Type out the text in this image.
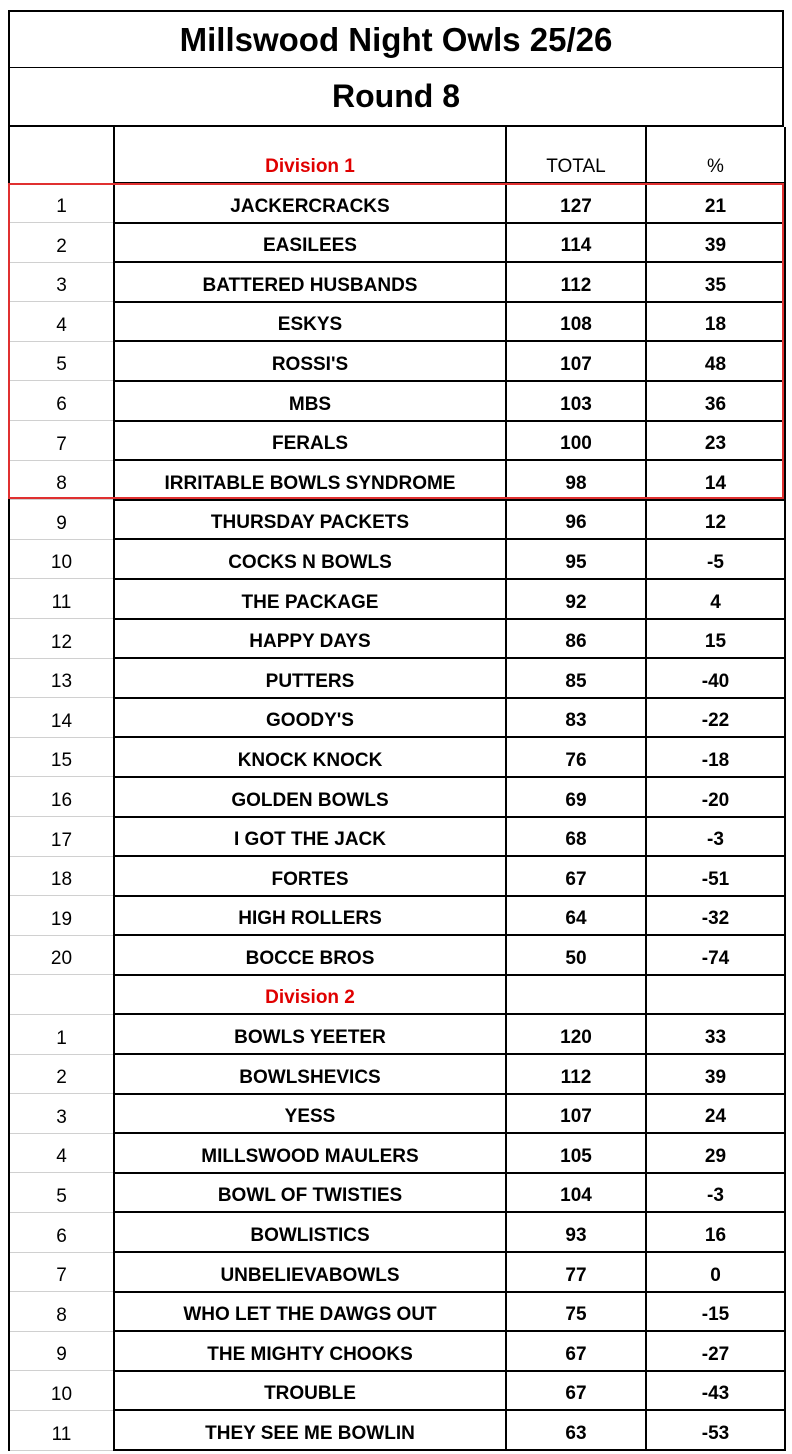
Millswood Night Owls 25/26
Round 8
	Division 1	TOTAL	%
1	JACKERCRACKS	127	21
2	EASILEES	114	39
3	BATTERED HUSBANDS	112	35
4	ESKYS	108	18
5	ROSSI'S	107	48
6	MBS	103	36
7	FERALS	100	23
8	IRRITABLE BOWLS SYNDROME	98	14
9	THURSDAY PACKETS	96	12
10	COCKS N BOWLS	95	-5
11	THE PACKAGE	92	4
12	HAPPY DAYS	86	15
13	PUTTERS	85	-40
14	GOODY'S	83	-22
15	KNOCK KNOCK	76	-18
16	GOLDEN BOWLS	69	-20
17	I GOT THE JACK	68	-3
18	FORTES	67	-51
19	HIGH ROLLERS	64	-32
20	BOCCE BROS	50	-74
	Division 2		
1	BOWLS YEETER	120	33
2	BOWLSHEVICS	112	39
3	YESS	107	24
4	MILLSWOOD MAULERS	105	29
5	BOWL OF TWISTIES	104	-3
6	BOWLISTICS	93	16
7	UNBELIEVABOWLS	77	0
8	WHO LET THE DAWGS OUT	75	-15
9	THE MIGHTY CHOOKS	67	-27
10	TROUBLE	67	-43
11	THEY SEE ME BOWLIN	63	-53
